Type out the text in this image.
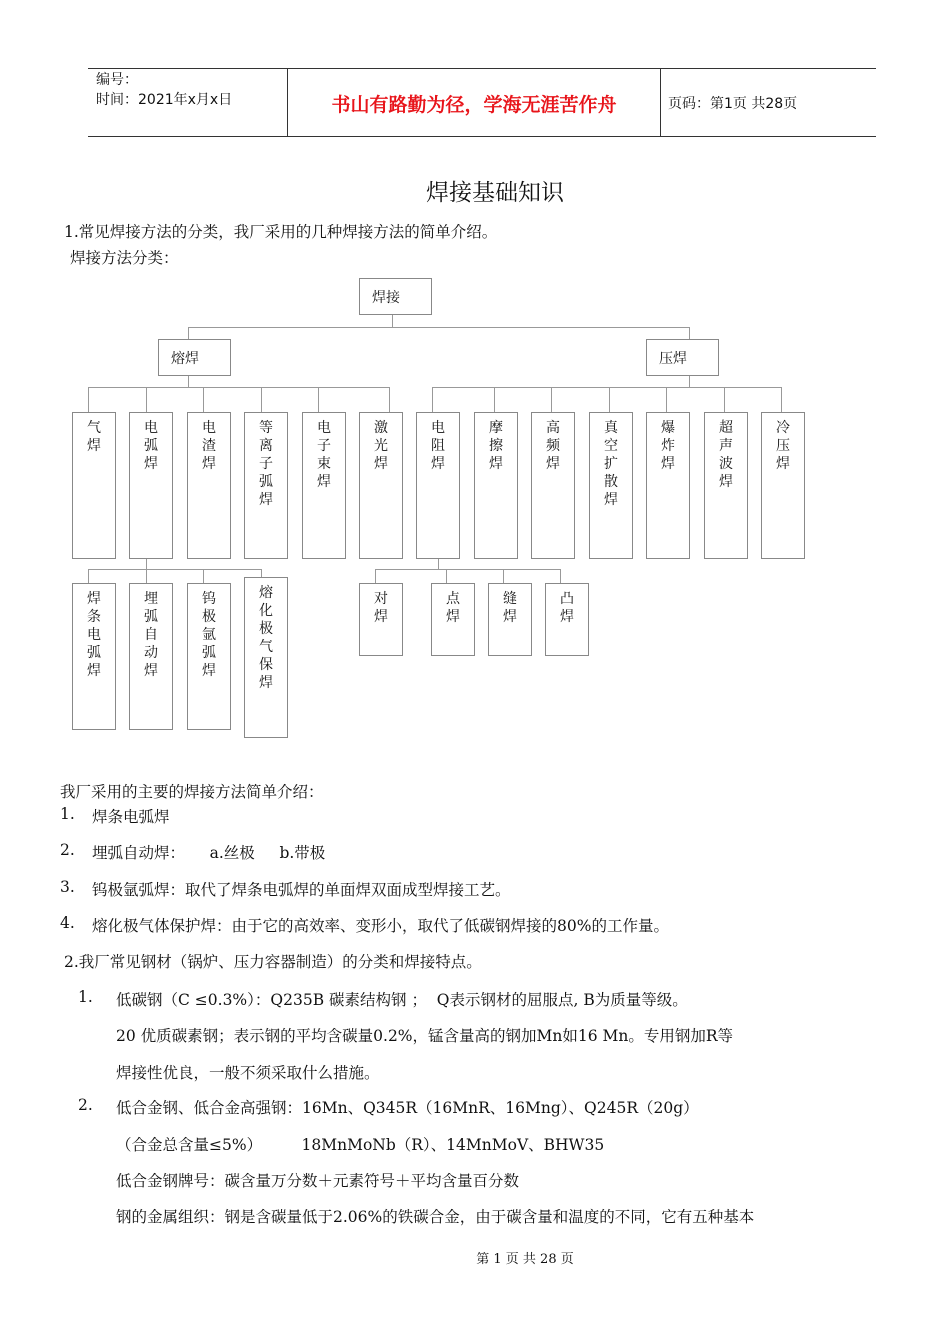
编号：
时间：2021年x月x日	书山有路勤为径，学海无涯苦作舟	页码：第1页 共28页
焊接基础知识
1.常见焊接方法的分类，我厂采用的几种焊接方法的简单介绍。
焊接方法分类：
焊接
熔焊	压焊
气焊
电弧焊
电渣焊
等离子弧焊
电子束焊
激光焊
电阻焊
摩擦焊
高频焊
真空扩散焊
爆炸焊
超声波焊
冷压焊
焊条电弧焊
埋弧自动焊
钨极氩弧焊
熔化极气保焊
对焊
点焊
缝焊
凸焊
我厂采用的主要的焊接方法简单介绍：
1. 焊条电弧焊
2. 埋弧自动焊：     a.丝极     b.带极
3. 钨极氩弧焊：取代了焊条电弧焊的单面焊双面成型焊接工艺。
4. 熔化极气体保护焊：由于它的高效率、变形小，取代了低碳钢焊接的80%的工作量。
2.我厂常见钢材（锅炉、压力容器制造）的分类和焊接特点。
1. 低碳钢（C ≤0.3%）：Q235B 碳素结构钢 ；  Q表示钢材的屈服点, B为质量等级。
20 优质碳素钢；表示钢的平均含碳量0.2%，锰含量高的钢加Mn如16 Mn。专用钢加R等
焊接性优良，一般不须采取什么措施。
2. 低合金钢、低合金高强钢：16Mn、Q345R（16MnR、16Mng）、Q245R（20g）
（合金总含量≤5%）        18MnMoNb（R）、14MnMoV、BHW35
低合金钢牌号：碳含量万分数＋元素符号＋平均含量百分数
钢的金属组织：钢是含碳量低于2.06%的铁碳合金，由于碳含量和温度的不同，它有五种基本
第 1 页 共 28 页
